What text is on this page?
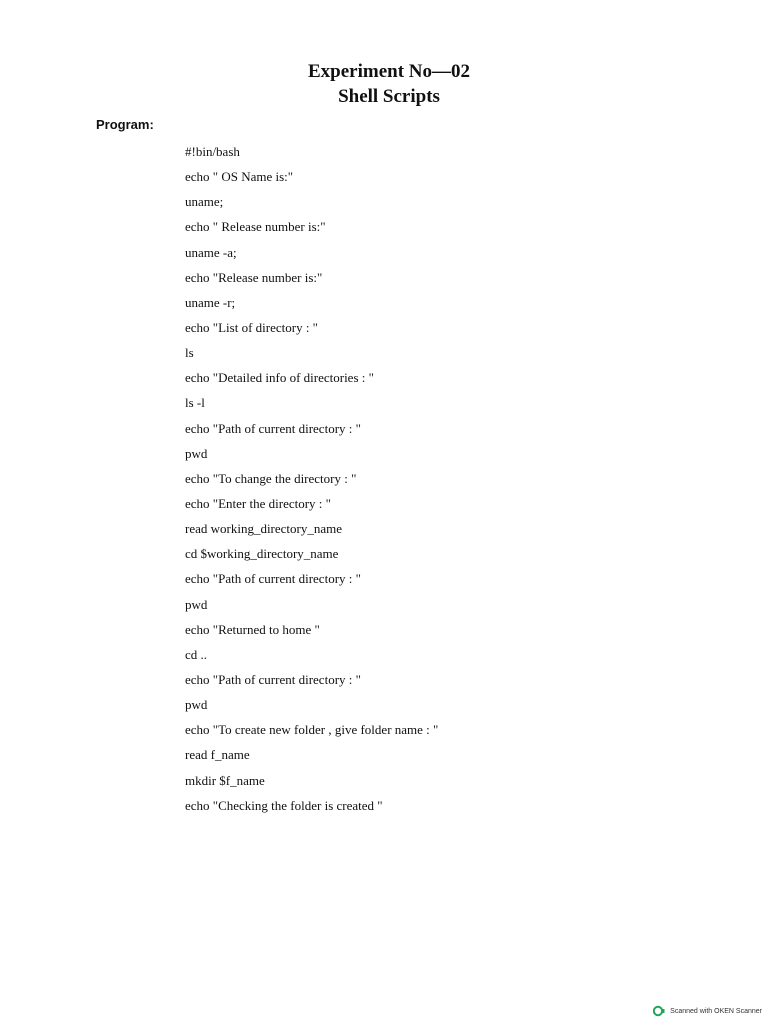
Experiment No—02
Shell Scripts

Program:

#!bin/bash
echo " OS Name is:"
uname;
echo " Release number is:"
uname -a;
echo "Release number is:"
uname -r;
echo "List of directory : "
ls
echo "Detailed info of directories : "
ls -l
echo "Path of current directory : "
pwd
echo "To change the directory : "
echo "Enter the directory : "
read working_directory_name
cd $working_directory_name
echo "Path of current directory : "
pwd
echo "Returned to home "
cd ..
echo "Path of current directory : "
pwd
echo "To create new folder , give folder name : "
read f_name
mkdir $f_name
echo "Checking the folder is created "
Scanned with OKEN Scanner
